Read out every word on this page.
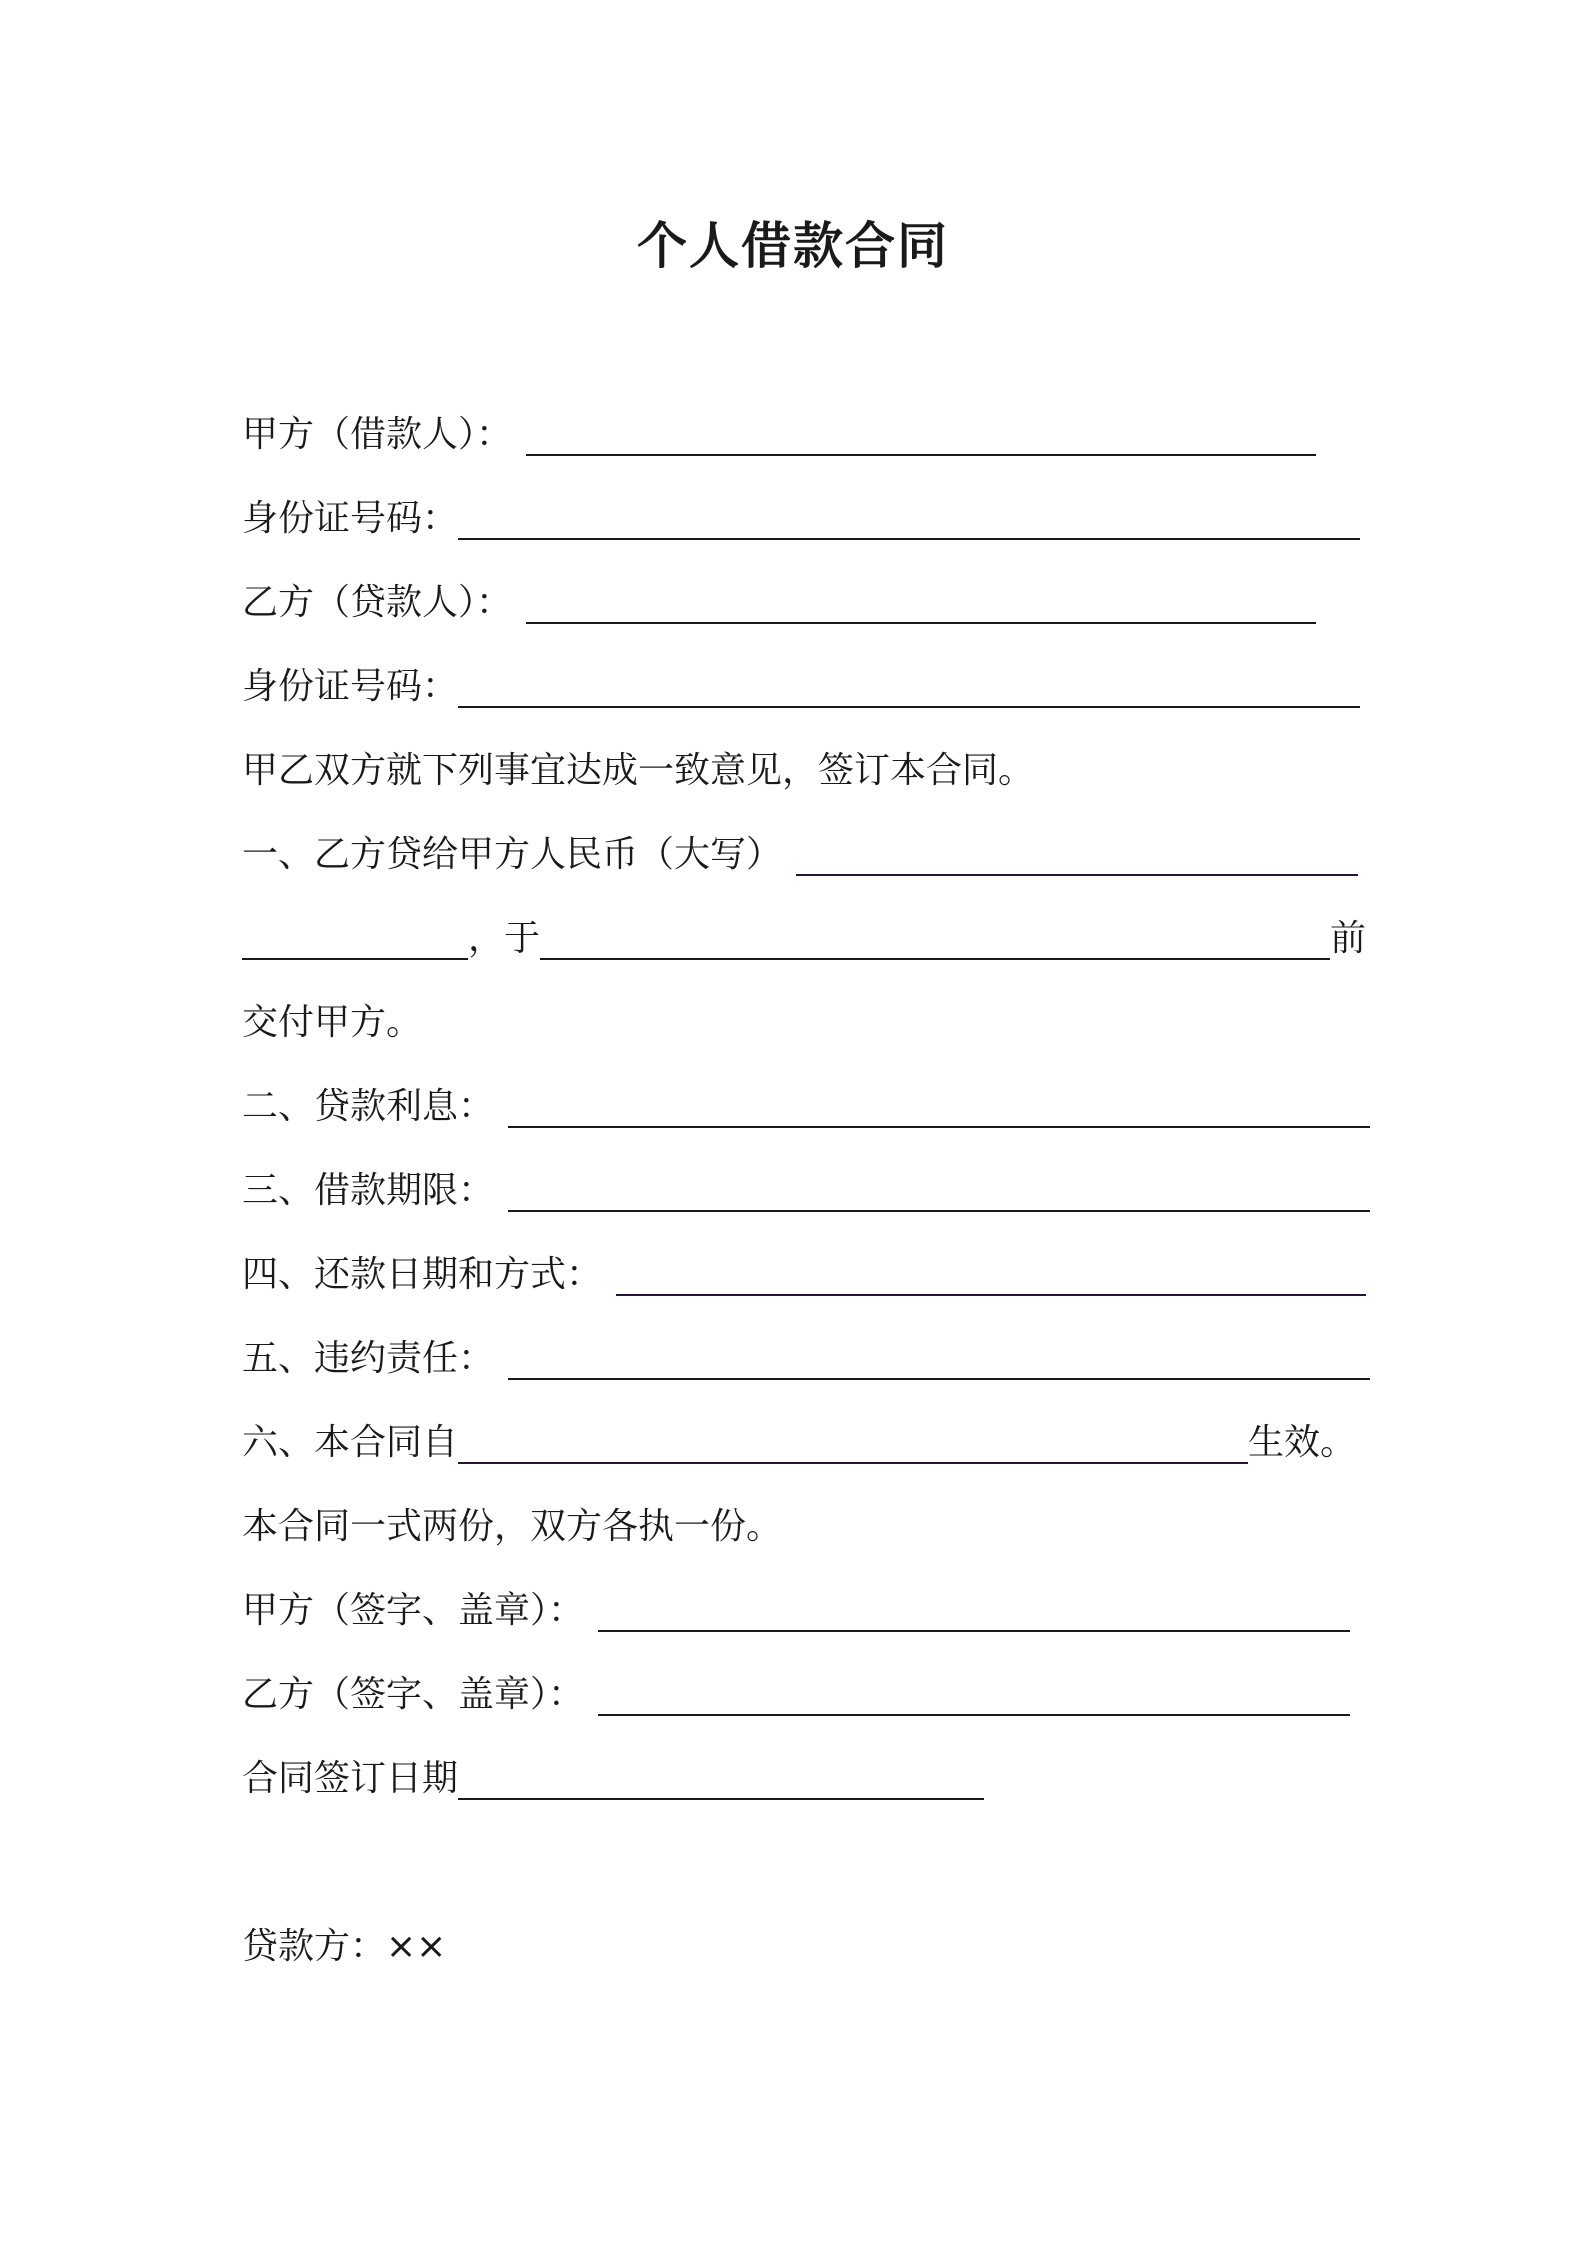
个人借款合同
甲方（借款人）：
身份证号码：
乙方（贷款人）：
身份证号码：
甲乙双方就下列事宜达成一致意见，签订本合同。
一、乙方贷给甲方人民币（大写）
，于	前
交付甲方。
二、贷款利息：
三、借款期限：
四、还款日期和方式：
五、违约责任：
六、本合同自	生效。
本合同一式两份，双方各执一份。
甲方（签字、盖章）：
乙方（签字、盖章）：
合同签订日期
贷款方：××
